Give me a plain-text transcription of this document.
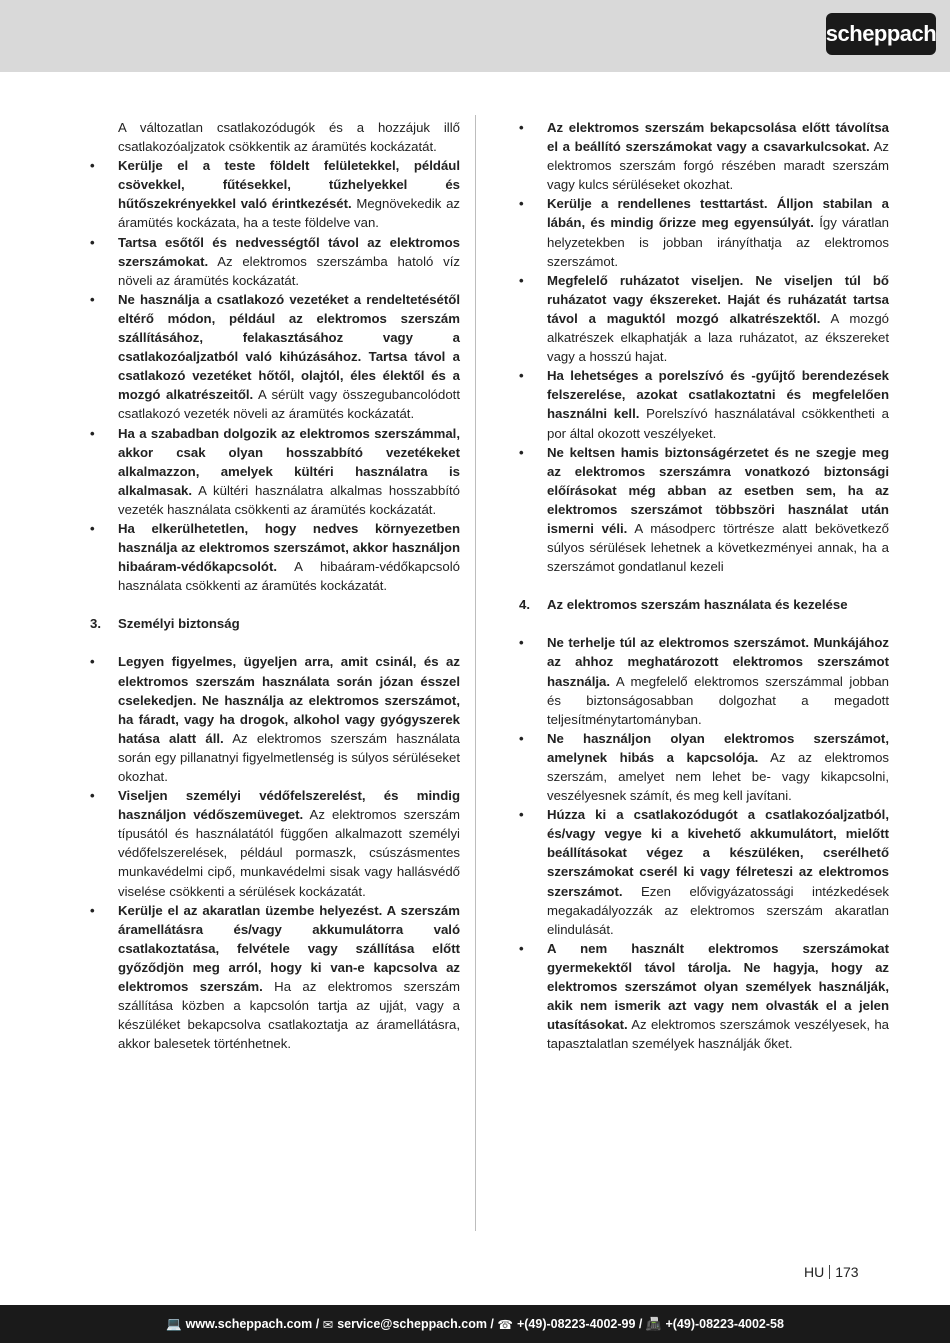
scheppach

A változatlan csatlakozódugók és a hozzájuk illő csatlakozóaljzatok csökkentik az áramütés kockázatát.

• Kerülje el a teste földelt felületekkel, például csövekkel, fűtésekkel, tűzhelyekkel és hűtőszekrényekkel való érintkezését. Megnövekedik az áramütés kockázata, ha a teste földelve van.

• Tartsa esőtől és nedvességtől távol az elektromos szerszámokat. Az elektromos szerszámba hatoló víz növeli az áramütés kockázatát.

• Ne használja a csatlakozó vezetéket a rendeltetésétől eltérő módon, például az elektromos szerszám szállításához, felakasztásához vagy a csatlakozóaljzatból való kihúzásához. Tartsa távol a csatlakozó vezetéket hőtől, olajtól, éles élektől és a mozgó alkatrészeitől. A sérült vagy összegubancolódott csatlakozó vezeték növeli az áramütés kockázatát.

• Ha a szabadban dolgozik az elektromos szerszámmal, akkor csak olyan hosszabbító vezetékeket alkalmazzon, amelyek kültéri használatra is alkalmasak. A kültéri használatra alkalmas hosszabbító vezeték használata csökkenti az áramütés kockázatát.

• Ha elkerülhetetlen, hogy nedves környezetben használja az elektromos szerszámot, akkor használjon hibaáram-védőkapcsolót. A hibaáram-védőkapcsoló használata csökkenti az áramütés kockázatát.

3. Személyi biztonság

• Legyen figyelmes, ügyeljen arra, amit csinál, és az elektromos szerszám használata során józan ésszel cselekedjen. Ne használja az elektromos szerszámot, ha fáradt, vagy ha drogok, alkohol vagy gyógyszerek hatása alatt áll. Az elektromos szerszám használata során egy pillanatnyi figyelmetlenség is súlyos sérüléseket okozhat.

• Viseljen személyi védőfelszerelést, és mindig használjon védőszemüveget. Az elektromos szerszám típusától és használatától függően alkalmazott személyi védőfelszerelések, például pormaszk, csúszásmentes munkavédelmi cipő, munkavédelmi sisak vagy hallásvédő viselése csökkenti a sérülések kockázatát.

• Kerülje el az akaratlan üzembe helyezést. A szerszám áramellátásra és/vagy akkumulátorra való csatlakoztatása, felvétele vagy szállítása előtt győződjön meg arról, hogy ki van-e kapcsolva az elektromos szerszám. Ha az elektromos szerszám szállítása közben a kapcsolón tartja az ujját, vagy a készüléket bekapcsolva csatlakoztatja az áramellátásra, akkor balesetek történhetnek.

• Az elektromos szerszám bekapcsolása előtt távolítsa el a beállító szerszámokat vagy a csavarkulcsokat. Az elektromos szerszám forgó részében maradt szerszám vagy kulcs sérüléseket okozhat.

• Kerülje a rendellenes testtartást. Álljon stabilan a lábán, és mindig őrizze meg egyensúlyát. Így váratlan helyzetekben is jobban irányíthatja az elektromos szerszámot.

• Megfelelő ruházatot viseljen. Ne viseljen túl bő ruházatot vagy ékszereket. Haját és ruházatát tartsa távol a maguktól mozgó alkatrészektől. A mozgó alkatrészek elkaphatják a laza ruházatot, az ékszereket vagy a hosszú hajat.

• Ha lehetséges a porelszívó és -gyűjtő berendezések felszerelése, azokat csatlakoztatni és megfelelően használni kell. Porelszívó használatával csökkentheti a por által okozott veszélyeket.

• Ne keltsen hamis biztonságérzetet és ne szegje meg az elektromos szerszámra vonatkozó biztonsági előírásokat még abban az esetben sem, ha az elektromos szerszámot többszöri használat után ismerni véli. A másodperc törtrésze alatt bekövetkező súlyos sérülések lehetnek a következményei annak, ha a szerszámot gondatlanul kezeli

4. Az elektromos szerszám használata és kezelése

• Ne terhelje túl az elektromos szerszámot. Munkájához az ahhoz meghatározott elektromos szerszámot használja. A megfelelő elektromos szerszámmal jobban és biztonságosabban dolgozhat a megadott teljesítménytartományban.

• Ne használjon olyan elektromos szerszámot, amelynek hibás a kapcsolója. Az az elektromos szerszám, amelyet nem lehet be- vagy kikapcsolni, veszélyesnek számít, és meg kell javítani.

• Húzza ki a csatlakozódugót a csatlakozóaljzatból, és/vagy vegye ki a kivehető akkumulátort, mielőtt beállításokat végez a készüléken, cserélhető szerszámokat cserél ki vagy félreteszi az elektromos szerszámot. Ezen elővigyázatossági intézkedések megakadályozzák az elektromos szerszám akaratlan elindulását.

• A nem használt elektromos szerszámokat gyermekektől távol tárolja. Ne hagyja, hogy az elektromos szerszámot olyan személyek használják, akik nem ismerik azt vagy nem olvasták el a jelen utasításokat. Az elektromos szerszámok veszélyesek, ha tapasztalatlan személyek használják őket.

HU 173
💻 www.scheppach.com / ✉ service@scheppach.com / ☎ +(49)-08223-4002-99 / 📠 +(49)-08223-4002-58
